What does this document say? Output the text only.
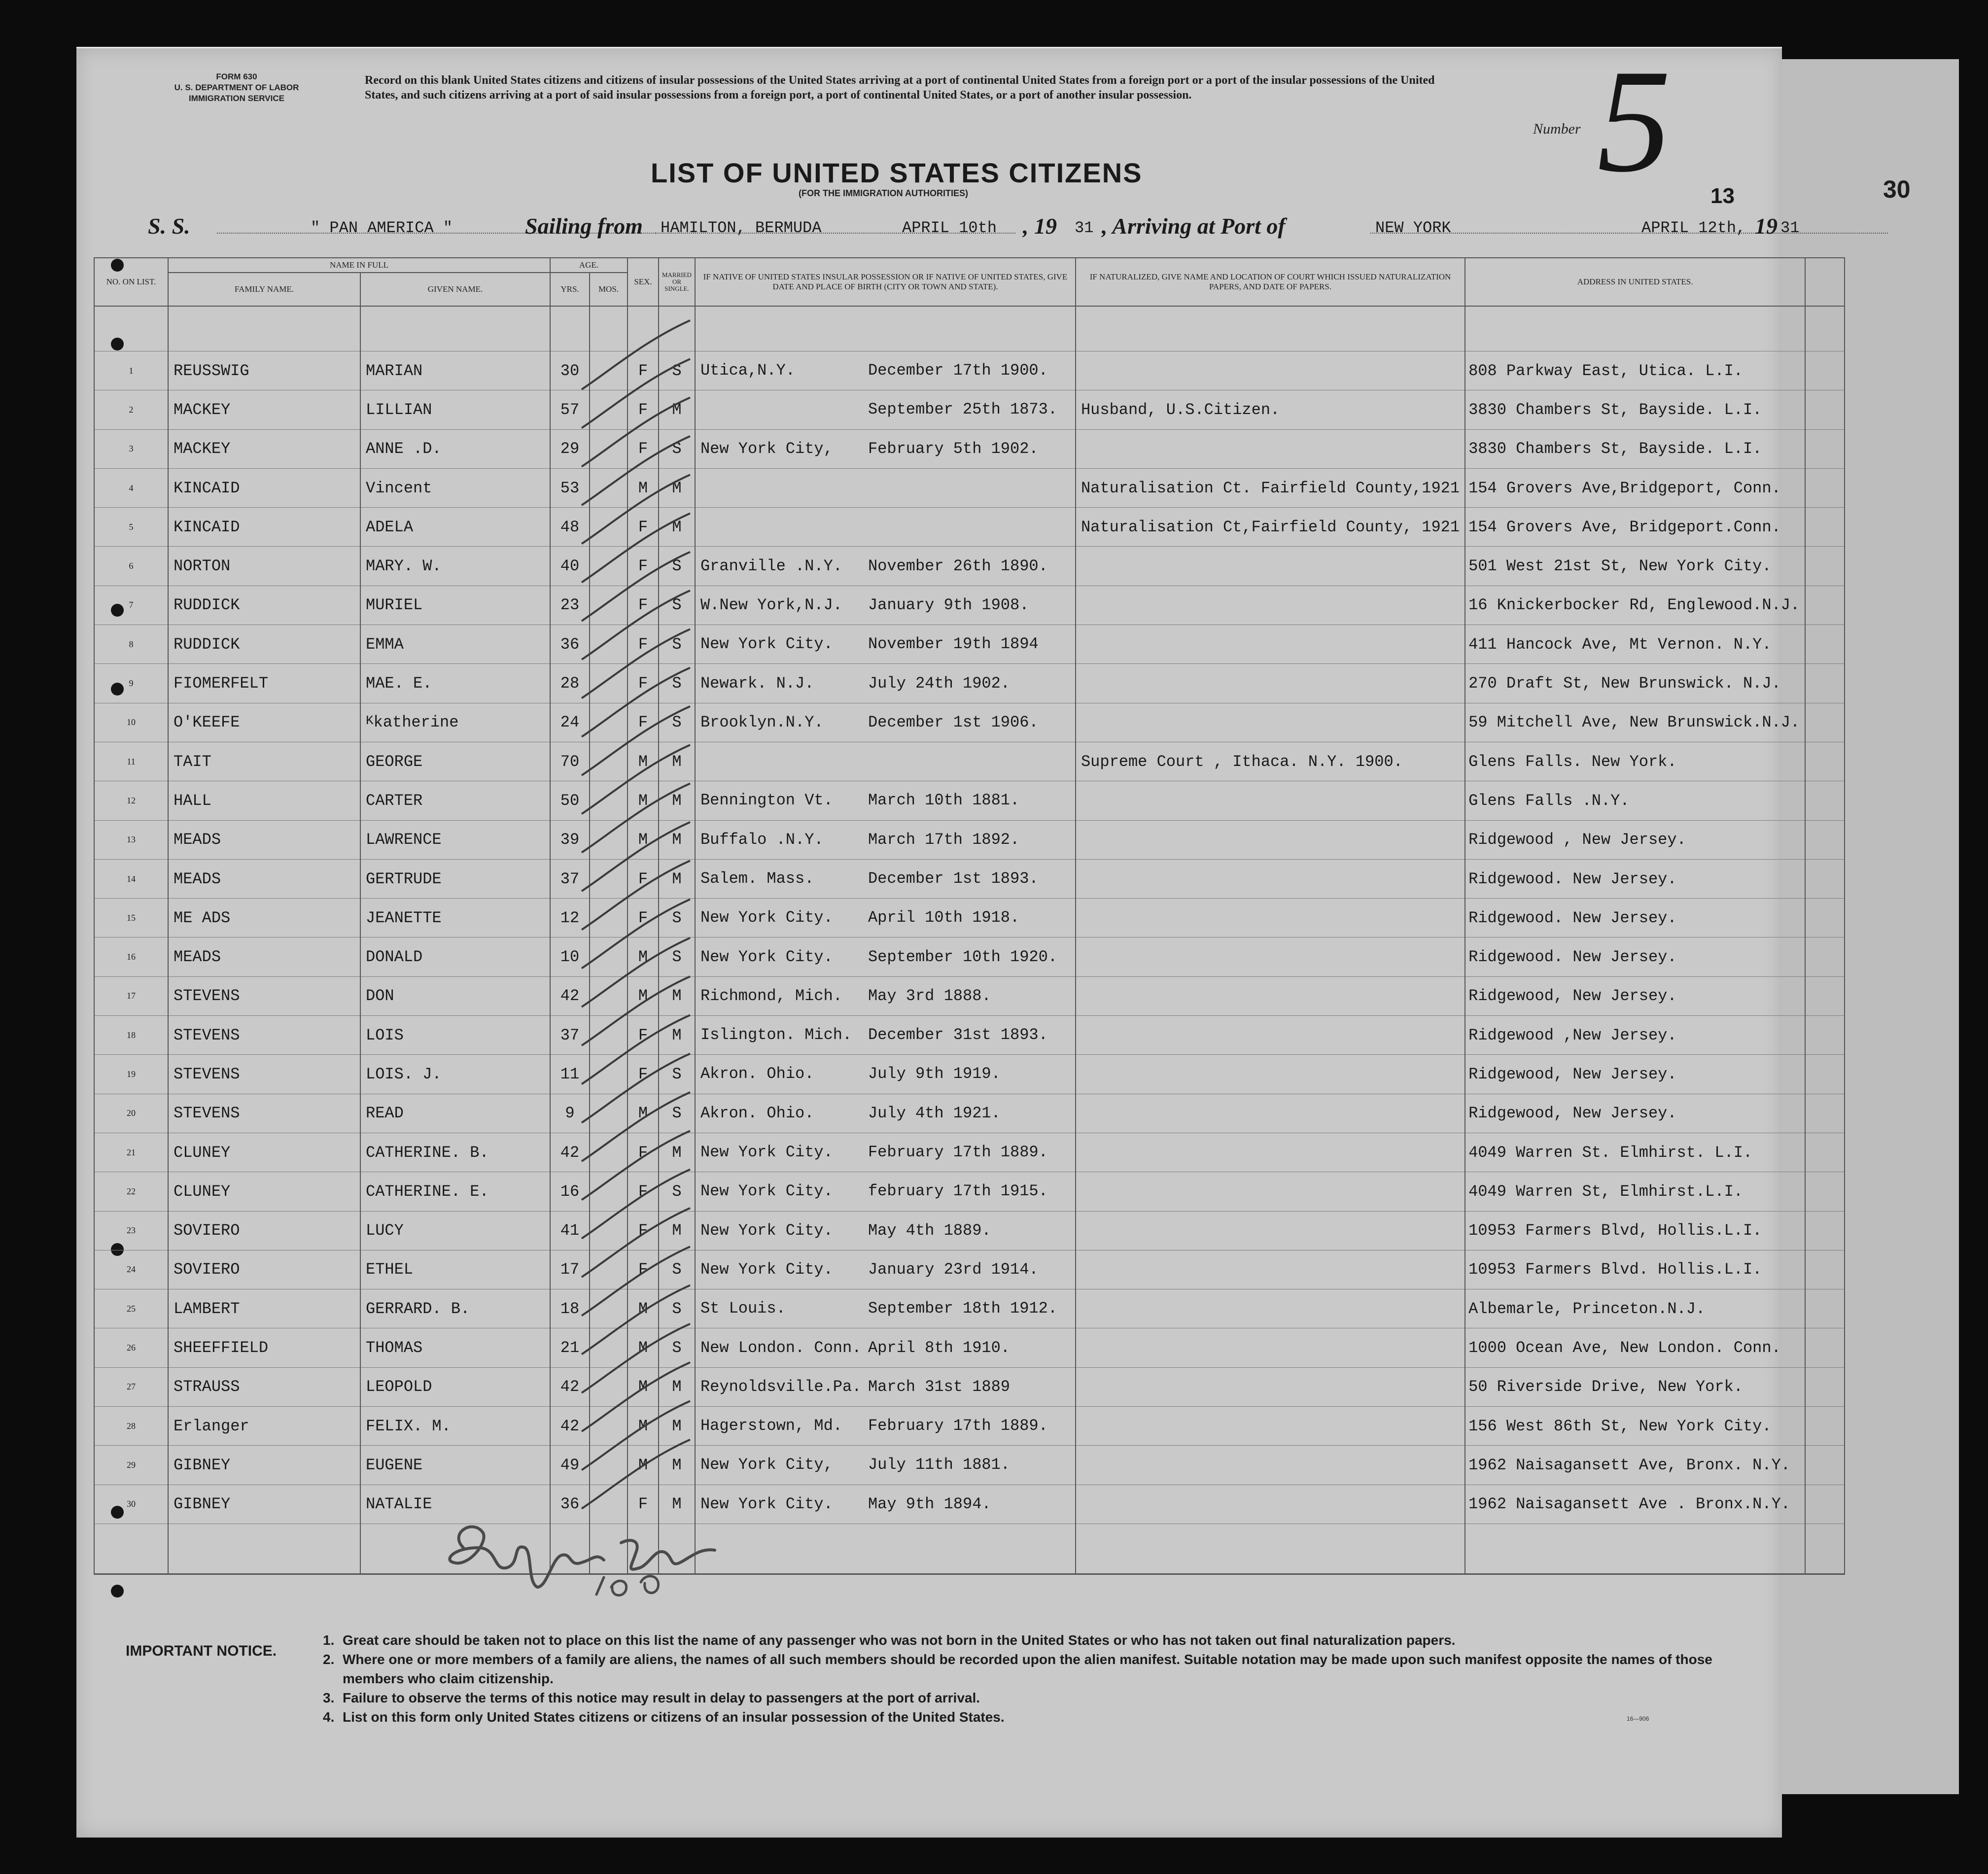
30
FORM 630
U. S. DEPARTMENT OF LABOR
IMMIGRATION SERVICE
Record on this blank United States citizens and citizens of insular possessions of the United States arriving at a port of continental United States from a foreign port or a port of the insular possessions of the United States, and such citizens arriving at a port of said insular possessions from a foreign port, a port of continental United States, or a port of another insular possession.
Number 5
LIST OF UNITED STATES CITIZENS
(FOR THE IMMIGRATION AUTHORITIES)	13
S. S.	" PAN AMERICA "	Sailing from HAMILTON, BERMUDA	APRIL 10th , 19 31 , Arriving at Port of	NEW YORK	APRIL 12th, 19 31
NO. ON LIST.	NAME IN FULL		AGE.		SEX.	MARRIED OR SINGLE.	IF NATIVE OF UNITED STATES INSULAR POSSESSION OR IF NATIVE OF UNITED STATES, GIVE DATE AND PLACE OF BIRTH (CITY OR TOWN AND STATE).	IF NATURALIZED, GIVE NAME AND LOCATION OF COURT WHICH ISSUED NATURALIZATION PAPERS, AND DATE OF PAPERS.	ADDRESS IN UNITED STATES.	
	FAMILY NAME.	GIVEN NAME.	YRS.	MOS.						

1	REUSSWIG	MARIAN	30		F	S	Utica,N.Y. December 17th 1900.		808 Parkway East, Utica. L.I.	
2	MACKEY	LILLIAN	57		F	M	September 25th 1873.	Husband, U.S.Citizen.	3830 Chambers St, Bayside. L.I.	
3	MACKEY	ANNE .D.	29		F	S	New York City, February 5th 1902.		3830 Chambers St, Bayside. L.I.	
4	KINCAID	Vincent	53		M	M		Naturalisation Ct. Fairfield County,1921	154 Grovers Ave,Bridgeport, Conn.	
5	KINCAID	ADELA	48		F	M		Naturalisation Ct,Fairfield County, 1921	154 Grovers Ave, Bridgeport.Conn.	
6	NORTON	MARY. W.	40		F	S	Granville .N.Y. November 26th 1890.		501 West 21st St, New York City.	
7	RUDDICK	MURIEL	23		F	S	W.New York,N.J. January 9th 1908.		16 Knickerbocker Rd, Englewood.N.J.	
8	RUDDICK	EMMA	36		F	S	New York City. November 19th 1894		411 Hancock Ave, Mt Vernon. N.Y.	
9	FIOMERFELT	MAE. E.	28		F	S	Newark. N.J. July 24th 1902.		270 Draft St, New Brunswick. N.J.	
10	O'KEEFE	$^K$katherine	24		F	S	Brooklyn.N.Y. December 1st 1906.		59 Mitchell Ave, New Brunswick.N.J.	
11	TAIT	GEORGE	70		M	M		Supreme Court , Ithaca. N.Y. 1900.	Glens Falls. New York.	
12	HALL	CARTER	50		M	M	Bennington Vt. March 10th 1881.		Glens Falls .N.Y.	
13	MEADS	LAWRENCE	39		M	M	Buffalo .N.Y. March 17th 1892.		Ridgewood , New Jersey.	
14	MEADS	GERTRUDE	37		F	M	Salem. Mass. December 1st 1893.		Ridgewood. New Jersey.	
15	ME ADS	JEANETTE	12		F	S	New York City. April 10th 1918.		Ridgewood. New Jersey.	
16	MEADS	DONALD	10		M	S	New York City. September 10th 1920.		Ridgewood. New Jersey.	
17	STEVENS	DON	42		M	M	Richmond, Mich. May 3rd 1888.		Ridgewood, New Jersey.	
18	STEVENS	LOIS	37		F	M	Islington. Mich. December 31st 1893.		Ridgewood ,New Jersey.	
19	STEVENS	LOIS. J.	11		F	S	Akron. Ohio. July 9th 1919.		Ridgewood, New Jersey.	
20	STEVENS	READ	9		M	S	Akron. Ohio. July 4th 1921.		Ridgewood, New Jersey.	
21	CLUNEY	CATHERINE. B.	42		F	M	New York City. February 17th 1889.		4049 Warren St. Elmhirst. L.I.	
22	CLUNEY	CATHERINE. E.	16		F	S	New York City. february 17th 1915.		4049 Warren St, Elmhirst.L.I.	
23	SOVIERO	LUCY	41		F	M	New York City. May 4th 1889.		10953 Farmers Blvd, Hollis.L.I.	
24	SOVIERO	ETHEL	17		F	S	New York City. January 23rd 1914.		10953 Farmers Blvd. Hollis.L.I.	
25	LAMBERT	GERRARD. B.	18		M	S	St Louis. September 18th 1912.		Albemarle, Princeton.N.J.	
26	SHEEFFIELD	THOMAS	21		M	S	New London. Conn. April 8th 1910.		1000 Ocean Ave, New London. Conn.	
27	STRAUSS	LEOPOLD	42		M	M	Reynoldsville.Pa. March 31st 1889		50 Riverside Drive, New York.	
28	Erlanger	FELIX. M.	42		M	M	Hagerstown, Md. February 17th 1889.		156 West 86th St, New York City.	
29	GIBNEY	EUGENE	49		M	M	New York City, July 11th 1881.		1962 Naisagansett Ave, Bronx. N.Y.	
30	GIBNEY	NATALIE	36		F	M	New York City. May 9th 1894.		1962 Naisagansett Ave . Bronx.N.Y.	

IMPORTANT NOTICE.
1. Great care should be taken not to place on this list the name of any passenger who was not born in the United States or who has not taken out final naturalization papers.
2. Where one or more members of a family are aliens, the names of all such members should be recorded upon the alien manifest. Suitable notation may be made upon such manifest opposite the names of those members who claim citizenship.
3. Failure to observe the terms of this notice may result in delay to passengers at the port of arrival.
4. List on this form only United States citizens or citizens of an insular possession of the United States.	16—906
